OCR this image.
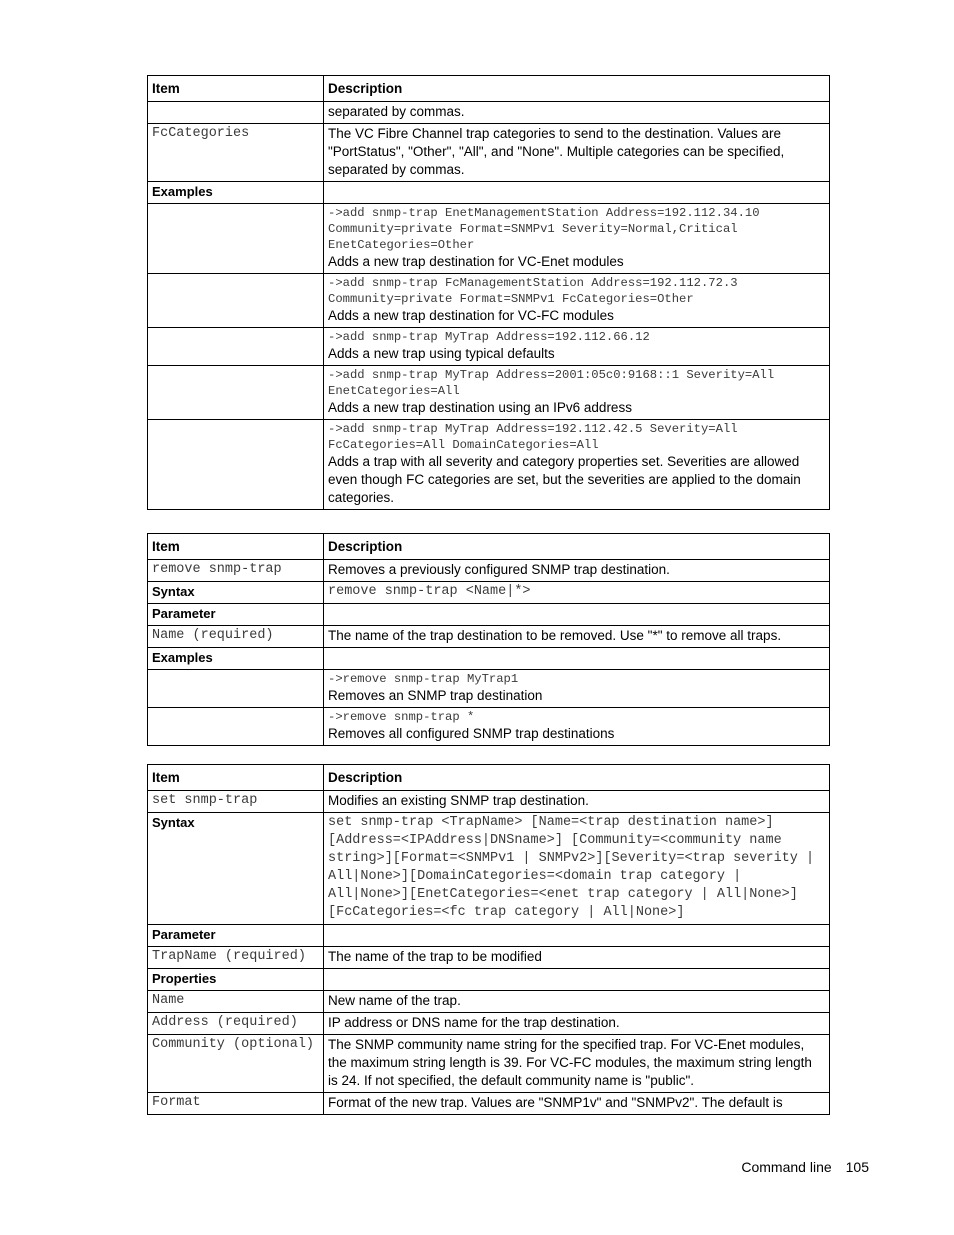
Item	Description
	separated by commas.
FcCategories	The VC Fibre Channel trap categories to send to the destination. Values are "PortStatus", "Other", "All", and "None". Multiple categories can be specified, separated by commas.
Examples	

	->add snmp-trap EnetManagementStation Address=192.112.34.10 Community=private Format=SNMPv1 Severity=Normal,Critical EnetCategories=Other
Adds a new trap destination for VC-Enet modules

	->add snmp-trap FcManagementStation Address=192.112.72.3 Community=private Format=SNMPv1 FcCategories=Other
Adds a new trap destination for VC-FC modules

	->add snmp-trap MyTrap Address=192.112.66.12
Adds a new trap using typical defaults

	->add snmp-trap MyTrap Address=2001:05c0:9168::1 Severity=All EnetCategories=All
Adds a new trap destination using an IPv6 address

	->add snmp-trap MyTrap Address=192.112.42.5 Severity=All FcCategories=All DomainCategories=All
Adds a trap with all severity and category properties set. Severities are allowed even though FC categories are set, but the severities are applied to the domain categories.
Item	Description
remove snmp-trap	Removes a previously configured SNMP trap destination.
Syntax	remove snmp-trap <Name|*>
Parameter	
Name (required)	The name of the trap destination to be removed. Use "*" to remove all traps.
Examples	

	->remove snmp-trap MyTrap1
Removes an SNMP trap destination

	->remove snmp-trap *
Removes all configured SNMP trap destinations
Item	Description
set snmp-trap	Modifies an existing SNMP trap destination.
Syntax	set snmp-trap <TrapName> [Name=<trap destination name>][Address=<IPAddress|DNSname>] [Community=<community name string>][Format=<SNMPv1 | SNMPv2>][Severity=<trap severity | All|None>][DomainCategories=<domain trap category | All|None>][EnetCategories=<enet trap category | All|None>][FcCategories=<fc trap category | All|None>]
Parameter	
TrapName (required)	The name of the trap to be modified
Properties	
Name	New name of the trap.
Address (required)	IP address or DNS name for the trap destination.
Community (optional)	The SNMP community name string for the specified trap. For VC-Enet modules, the maximum string length is 39. For VC-FC modules, the maximum string length is 24. If not specified, the default community name is "public".
Format	Format of the new trap. Values are "SNMP1v" and "SNMPv2". The default is
Command line 105
